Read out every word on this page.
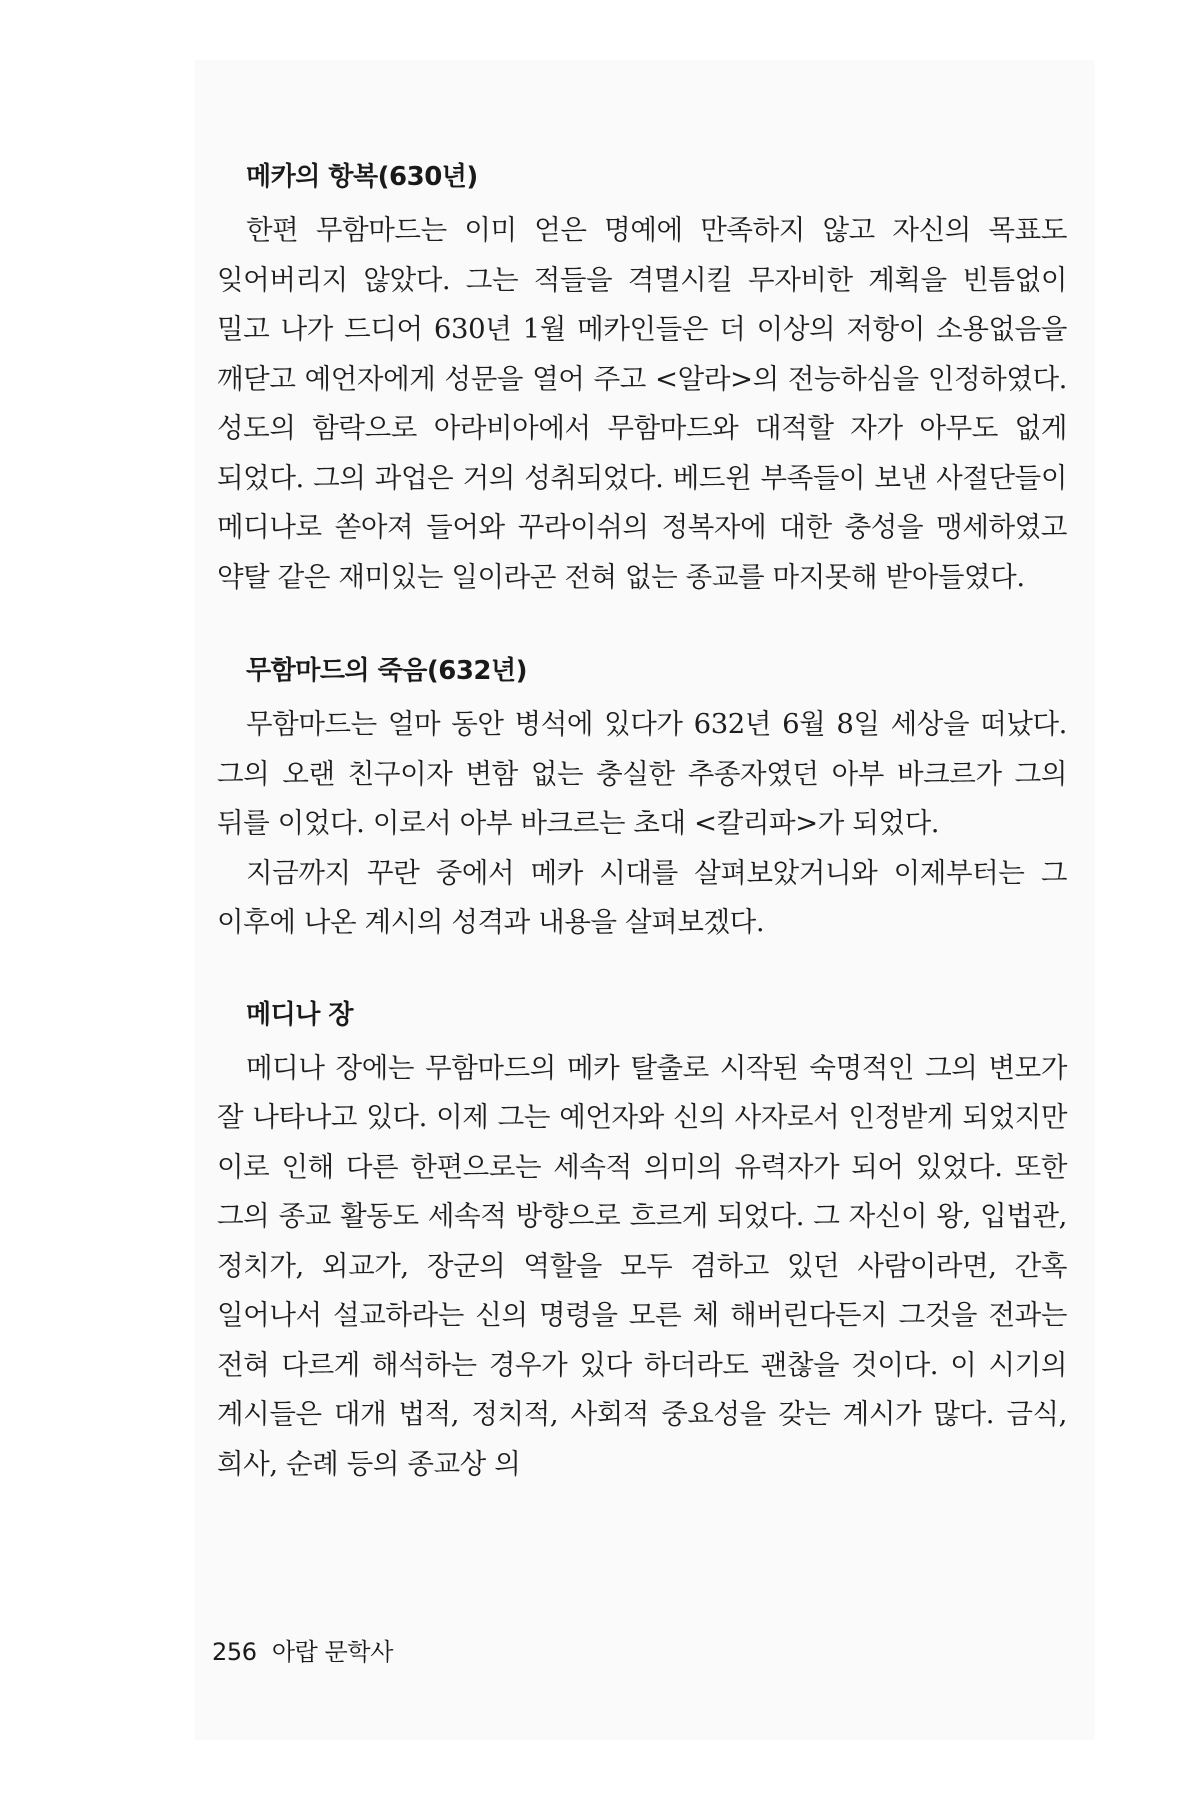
메카의 항복(630년)

한편 무함마드는 이미 얻은 명예에 만족하지 않고 자신의 목표도 잊어버리지 않았다. 그는 적들을 격멸시킬 무자비한 계획을 빈틈없이 밀고 나가 드디어 630년 1월 메카인들은 더 이상의 저항이 소용없음을 깨닫고 예언자에게 성문을 열어 주고 <알라>의 전능하심을 인정하였다. 성도의 함락으로 아라비아에서 무함마드와 대적할 자가 아무도 없게 되었다. 그의 과업은 거의 성취되었다. 베드윈 부족들이 보낸 사절단들이 메디나로 쏟아져 들어와 꾸라이쉬의 정복자에 대한 충성을 맹세하였고 약탈 같은 재미있는 일이라곤 전혀 없는 종교를 마지못해 받아들였다.

무함마드의 죽음(632년)

무함마드는 얼마 동안 병석에 있다가 632년 6월 8일 세상을 떠났다. 그의 오랜 친구이자 변함 없는 충실한 추종자였던 아부 바크르가 그의 뒤를 이었다. 이로서 아부 바크르는 초대 <칼리파>가 되었다.

지금까지 꾸란 중에서 메카 시대를 살펴보았거니와 이제부터는 그 이후에 나온 계시의 성격과 내용을 살펴보겠다.

메디나 장

메디나 장에는 무함마드의 메카 탈출로 시작된 숙명적인 그의 변모가 잘 나타나고 있다. 이제 그는 예언자와 신의 사자로서 인정받게 되었지만 이로 인해 다른 한편으로는 세속적 의미의 유력자가 되어 있었다. 또한 그의 종교 활동도 세속적 방향으로 흐르게 되었다. 그 자신이 왕, 입법관, 정치가, 외교가, 장군의 역할을 모두 겸하고 있던 사람이라면, 간혹 일어나서 설교하라는 신의 명령을 모른 체 해버린다든지 그것을 전과는 전혀 다르게 해석하는 경우가 있다 하더라도 괜찮을 것이다. 이 시기의 계시들은 대개 법적, 정치적, 사회적 중요성을 갖는 계시가 많다. 금식, 희사, 순례 등의 종교상 의

256 아랍 문학사
